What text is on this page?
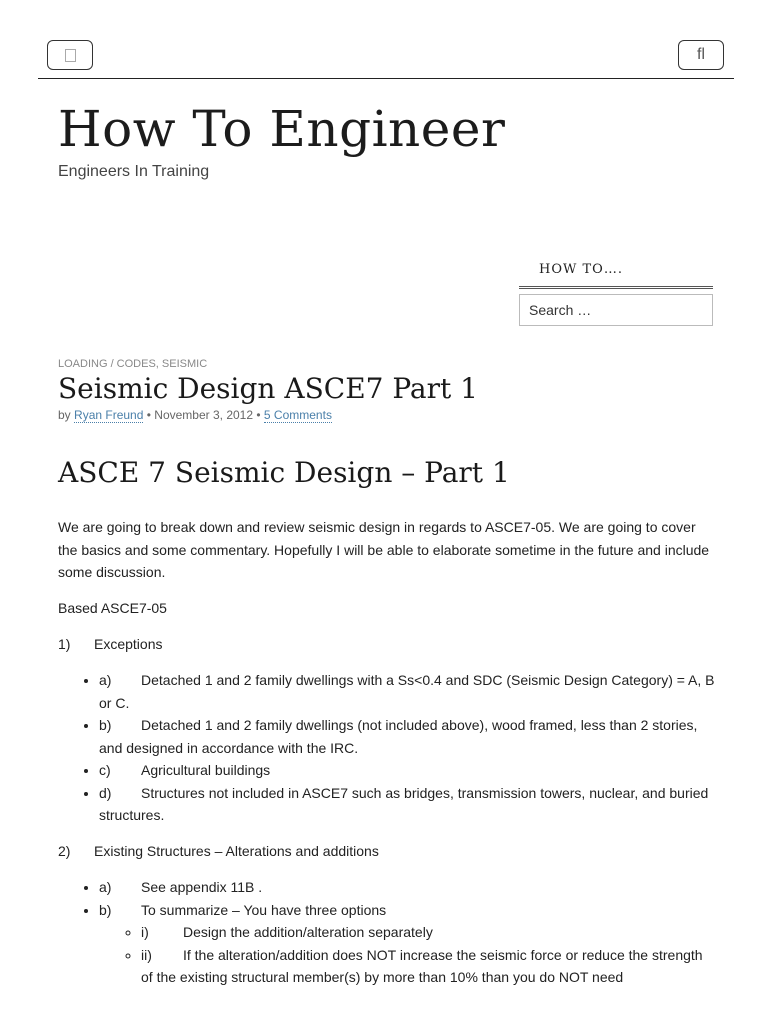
ﬂ
How To Engineer
Engineers In Training
HOW TO….
Search …
LOADING / CODES, SEISMIC
Seismic Design ASCE7 Part 1
by Ryan Freund • November 3, 2012 • 5 Comments
ASCE 7 Seismic Design – Part 1

We are going to break down and review seismic design in regards to ASCE7-05. We are going to cover the basics and some commentary. Hopefully I will be able to elaborate sometime in the future and include some discussion.

Based ASCE7-05

1) Exceptions

• a) Detached 1 and 2 family dwellings with a Ss<0.4 and SDC (Seismic Design Category) = A, B or C.
• b) Detached 1 and 2 family dwellings (not included above), wood framed, less than 2 stories, and designed in accordance with the IRC.
• c) Agricultural buildings
• d) Structures not included in ASCE7 such as bridges, transmission towers, nuclear, and buried structures.

2) Existing Structures – Alterations and additions

• a) See appendix 11B .
• b) To summarize – You have three options
◦ i) Design the addition/alteration separately
◦ ii) If the alteration/addition does NOT increase the seismic force or reduce the strength of the existing structural member(s) by more than 10% than you do NOT need
